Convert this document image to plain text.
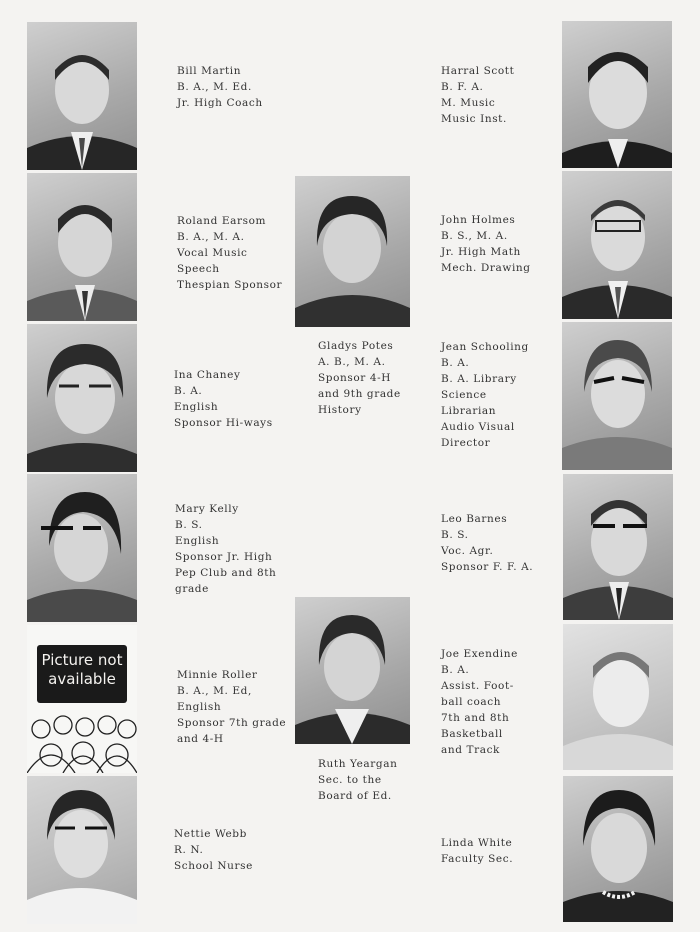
Picture not
available
Bill Martin
B. A., M. Ed.
Jr. High Coach
Harral Scott
B. F. A.
M. Music
Music Inst.
Roland Earsom
B. A., M. A.
Vocal Music
Speech
Thespian Sponsor
John Holmes
B. S., M. A.
Jr. High Math
Mech. Drawing
Gladys Potes
A. B., M. A.
Sponsor 4-H
and 9th grade
History
Ina Chaney
B. A.
English
Sponsor Hi-ways
Jean Schooling
B. A.
B. A. Library
Science
Librarian
Audio Visual
Director
Mary Kelly
B. S.
English
Sponsor Jr. High
Pep Club and 8th
grade
Leo Barnes
B. S.
Voc. Agr.
Sponsor F. F. A.
Minnie Roller
B. A., M. Ed,
English
Sponsor 7th grade
and 4-H
Joe Exendine
B. A.
Assist. Foot-
ball coach
7th and 8th
Basketball
and Track
Ruth Yeargan
Sec. to the
Board of Ed.
Nettie Webb
R. N.
School Nurse
Linda White
Faculty Sec.
